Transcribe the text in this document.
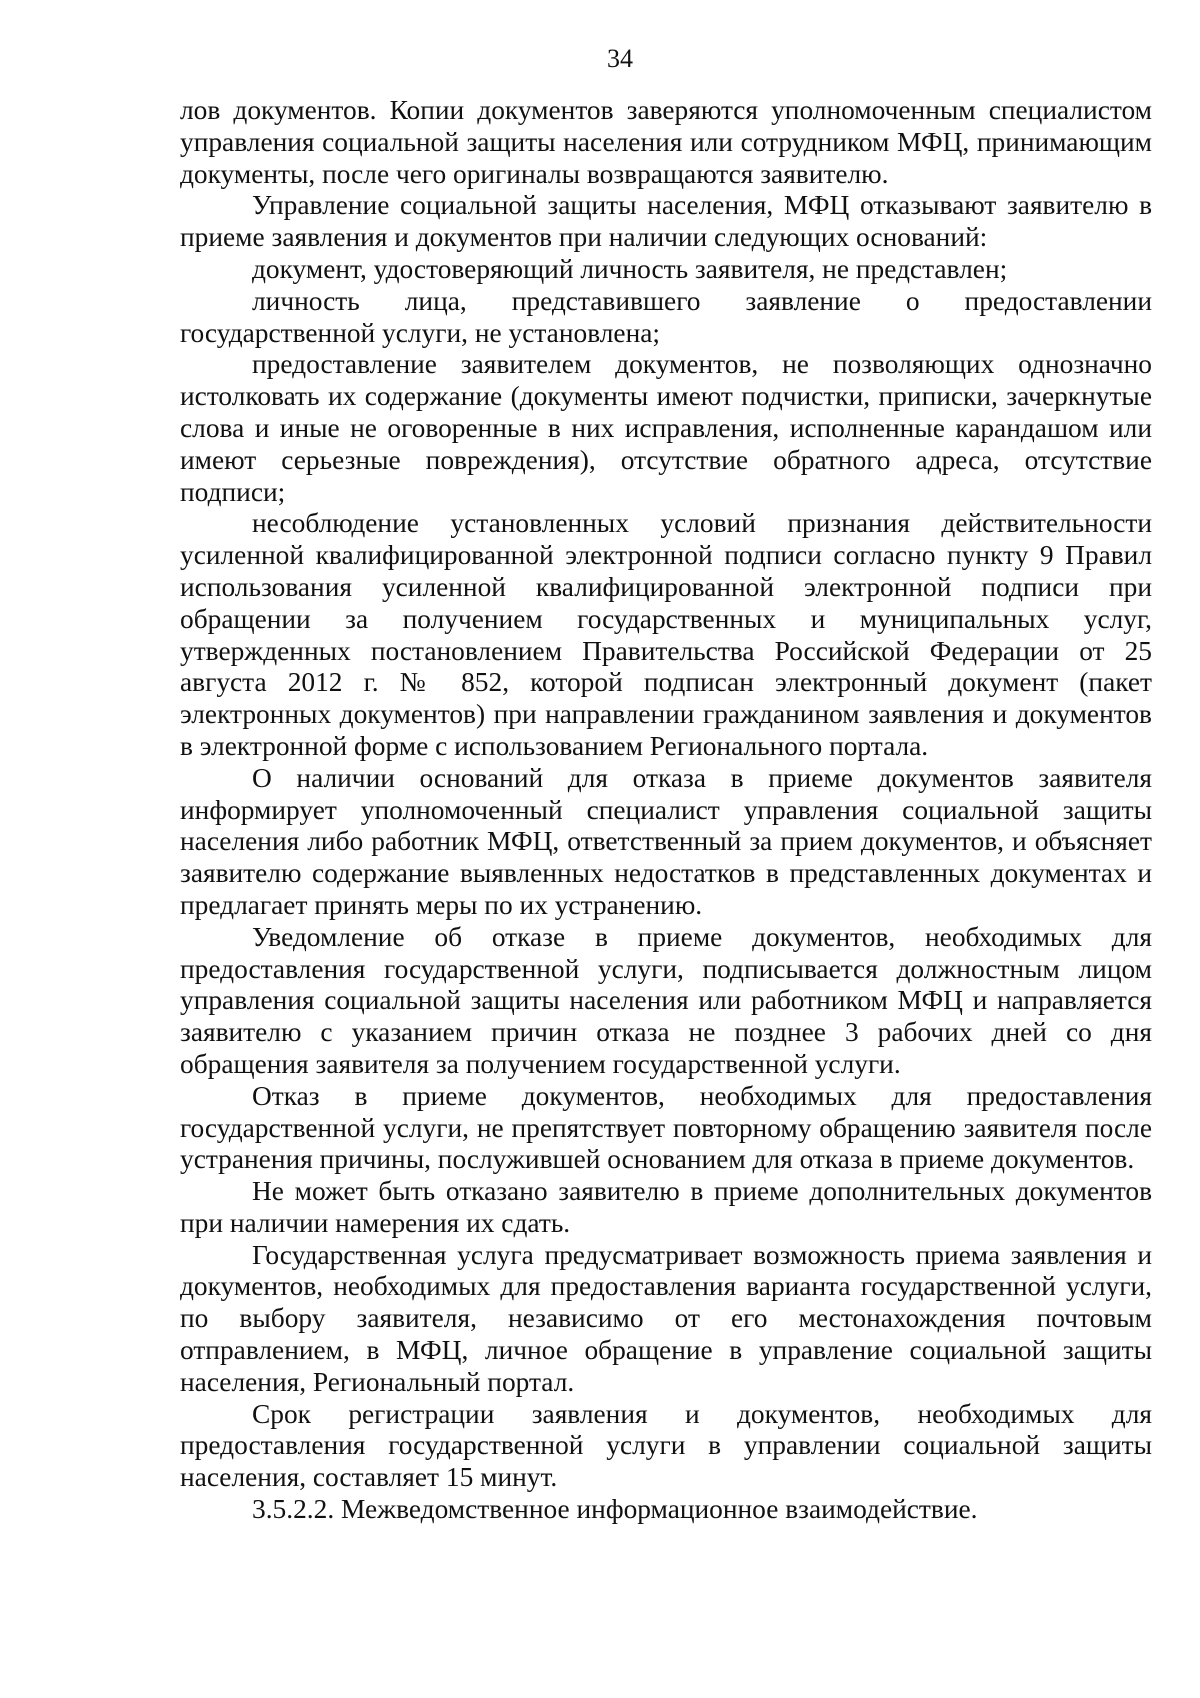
34

лов документов. Копии документов заверяются уполномоченным специалистом управления социальной защиты населения или сотрудником МФЦ, принимающим документы, после чего оригиналы возвращаются заявителю.

Управление социальной защиты населения, МФЦ отказывают заявителю в приеме заявления и документов при наличии следующих оснований:

документ, удостоверяющий личность заявителя, не представлен;

личность лица, представившего заявление о предоставлении государственной услуги, не установлена;

предоставление заявителем документов, не позволяющих однозначно истолковать их содержание (документы имеют подчистки, приписки, зачеркнутые слова и иные не оговоренные в них исправления, исполненные карандашом или имеют серьезные повреждения), отсутствие обратного адреса, отсутствие подписи;

несоблюдение установленных условий признания действительности усиленной квалифицированной электронной подписи согласно пункту 9 Правил использования усиленной квалифицированной электронной подписи при обращении за получением государственных и муниципальных услуг, утвержденных постановлением Правительства Российской Федерации от 25 августа 2012 г. № 852, которой подписан электронный документ (пакет электронных документов) при направлении гражданином заявления и документов в электронной форме с использованием Регионального портала.

О наличии оснований для отказа в приеме документов заявителя информирует уполномоченный специалист управления социальной защиты населения либо работник МФЦ, ответственный за прием документов, и объясняет заявителю содержание выявленных недостатков в представленных документах и предлагает принять меры по их устранению.

Уведомление об отказе в приеме документов, необходимых для предоставления государственной услуги, подписывается должностным лицом управления социальной защиты населения или работником МФЦ и направляется заявителю с указанием причин отказа не позднее 3 рабочих дней со дня обращения заявителя за получением государственной услуги.

Отказ в приеме документов, необходимых для предоставления государственной услуги, не препятствует повторному обращению заявителя после устранения причины, послужившей основанием для отказа в приеме документов.

Не может быть отказано заявителю в приеме дополнительных документов при наличии намерения их сдать.

Государственная услуга предусматривает возможность приема заявления и документов, необходимых для предоставления варианта государственной услуги, по выбору заявителя, независимо от его местонахождения почтовым отправлением, в МФЦ, личное обращение в управление социальной защиты населения, Региональный портал.

Срок регистрации заявления и документов, необходимых для предоставления государственной услуги в управлении социальной защиты населения, составляет 15 минут.

3.5.2.2. Межведомственное информационное взаимодействие.
